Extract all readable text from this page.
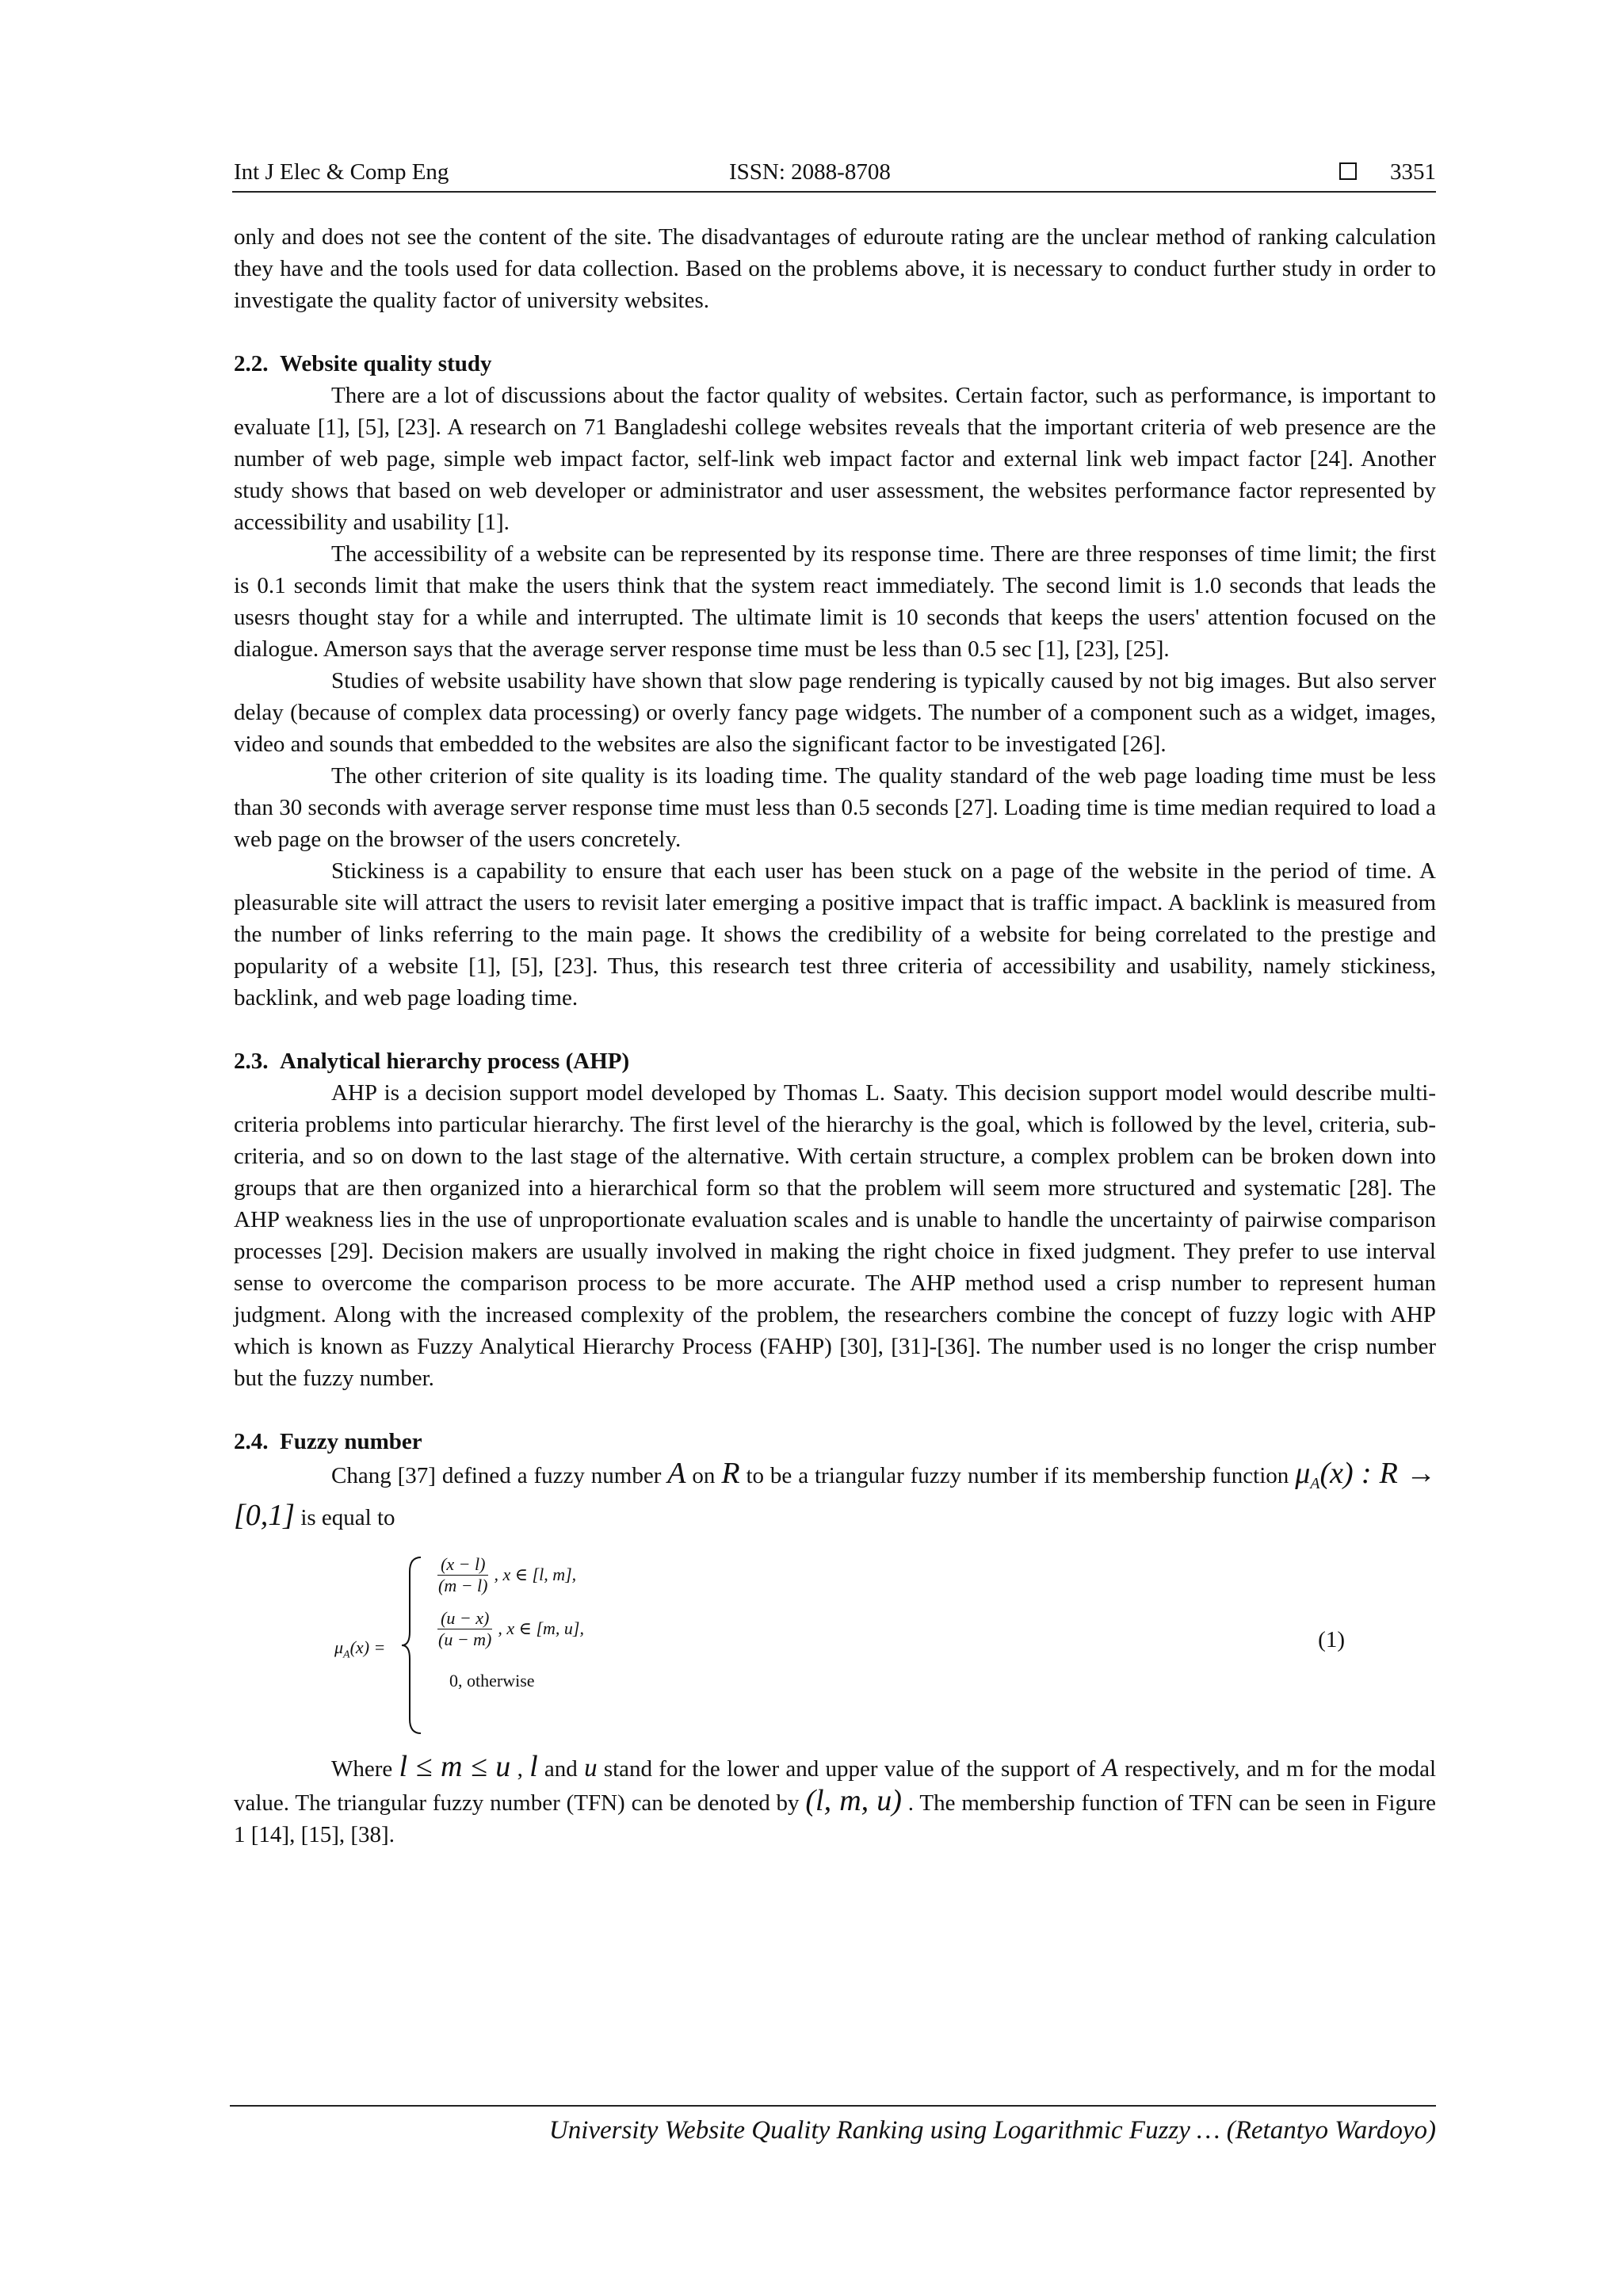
Int J Elec & Comp Eng	ISSN: 2088-8708	3351

only and does not see the content of the site. The disadvantages of eduroute rating are the unclear method of ranking calculation they have and the tools used for data collection. Based on the problems above, it is necessary to conduct further study in order to investigate the quality factor of university websites.

2.2.  Website quality study

There are a lot of discussions about the factor quality of websites. Certain factor, such as performance, is important to evaluate [1], [5], [23]. A research on 71 Bangladeshi college websites reveals that the important criteria of web presence are the number of web page, simple web impact factor, self-link web impact factor and external link web impact factor [24]. Another study shows that based on web developer or administrator and user assessment, the websites performance factor represented by accessibility and usability [1].

The accessibility of a website can be represented by its response time. There are three responses of time limit; the first is 0.1 seconds limit that make the users think that the system react immediately. The second limit is 1.0 seconds that leads the usesrs thought stay for a while and interrupted. The ultimate limit is 10 seconds that keeps the users' attention focused on the dialogue. Amerson says that the average server response time must be less than 0.5 sec [1], [23], [25].

Studies of website usability have shown that slow page rendering is typically caused by not big images. But also server delay (because of complex data processing) or overly fancy page widgets. The number of a component such as a widget, images, video and sounds that embedded to the websites are also the significant factor to be investigated [26].

The other criterion of site quality is its loading time. The quality standard of the web page loading time must be less than 30 seconds with average server response time must less than 0.5 seconds [27]. Loading time is time median required to load a web page on the browser of the users concretely.

Stickiness is a capability to ensure that each user has been stuck on a page of the website in the period of time. A pleasurable site will attract the users to revisit later emerging a positive impact that is traffic impact. A backlink is measured from the number of links referring to the main page. It shows the credibility of a website for being correlated to the prestige and popularity of a website [1], [5], [23]. Thus, this research test three criteria of accessibility and usability, namely stickiness, backlink, and web page loading time.

2.3.  Analytical hierarchy process (AHP)

AHP is a decision support model developed by Thomas L. Saaty. This decision support model would describe multi-criteria problems into particular hierarchy. The first level of the hierarchy is the goal, which is followed by the level, criteria, sub-criteria, and so on down to the last stage of the alternative. With certain structure, a complex problem can be broken down into groups that are then organized into a hierarchical form so that the problem will seem more structured and systematic [28]. The AHP weakness lies in the use of unproportionate evaluation scales and is unable to handle the uncertainty of pairwise comparison processes [29]. Decision makers are usually involved in making the right choice in fixed judgment. They prefer to use interval sense to overcome the comparison process to be more accurate. The AHP method used a crisp number to represent human judgment. Along with the increased complexity of the problem, the researchers combine the concept of fuzzy logic with AHP which is known as Fuzzy Analytical Hierarchy Process (FAHP) [30], [31]-[36]. The number used is no longer the crisp number but the fuzzy number.

2.4.  Fuzzy number

Chang [37] defined a fuzzy number A on R to be a triangular fuzzy number if its membership function $\mu_A(x)$ : R → [0,1] is equal to

$\mu_A(x)$ =
$\frac{(x - l)}{(m - l)}$ , x ∈ [l, m],
$\frac{(u - x)}{(u - m)}$ , x ∈ [m, u],
0, otherwise
(1)

Where l ≤ m ≤ u , l and u stand for the lower and upper value of the support of A respectively, and m for the modal value. The triangular fuzzy number (TFN) can be denoted by (l, m, u) . The membership function of TFN can be seen in Figure 1 [14], [15], [38].

University Website Quality Ranking using Logarithmic Fuzzy … (Retantyo Wardoyo)
